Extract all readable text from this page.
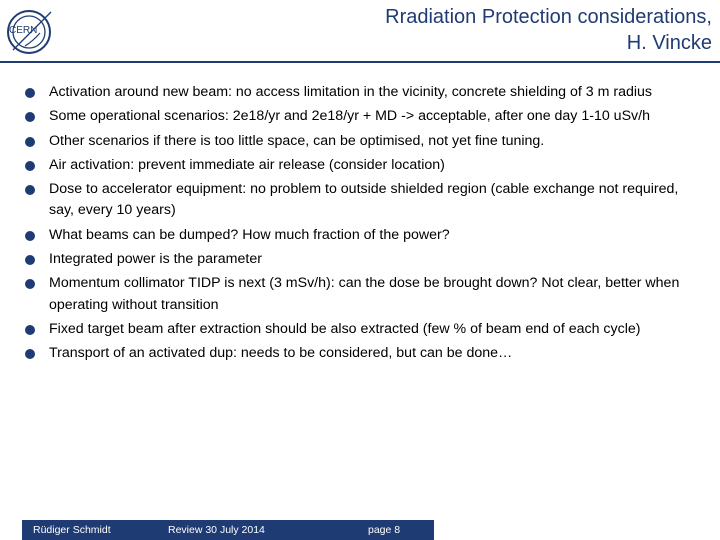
CERN
Rradiation Protection considerations,
H. Vincke
Activation around new beam: no access limitation in the vicinity, concrete shielding of 3 m radius
Some operational scenarios: 2e18/yr and 2e18/yr + MD -> acceptable, after one day 1-10 uSv/h
Other scenarios if there is too little space, can be optimised, not yet fine tuning.
Air activation: prevent immediate air release (consider location)
Dose to accelerator equipment: no problem to outside shielded region (cable exchange not required, say, every 10 years)
What beams can be dumped? How much fraction of the power?
Integrated power is the parameter
Momentum collimator TIDP is next (3 mSv/h): can the dose be brought down? Not clear, better when operating without transition
Fixed target beam after extraction should be also extracted (few % of beam end of each cycle)
Transport of an activated dup: needs to be considered, but can be done…
Rüdiger Schmidt	Review 30 July 2014	page 8
